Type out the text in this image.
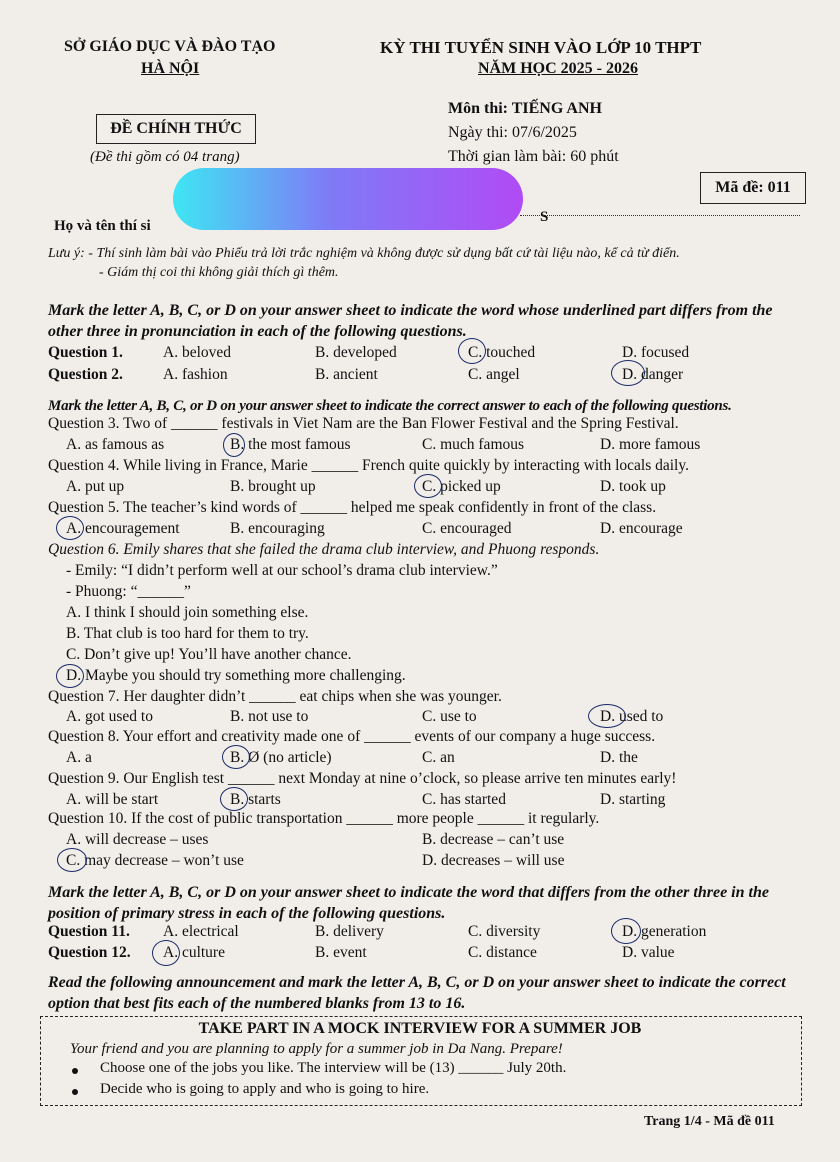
SỞ GIÁO DỤC VÀ ĐÀO TẠO
HÀ NỘI
KỲ THI TUYỂN SINH VÀO LỚP 10 THPT
NĂM HỌC 2025 - 2026
ĐỀ CHÍNH THỨC
(Đề thi gồm có 04 trang)
Môn thi: TIẾNG ANH
Ngày thi: 07/6/2025
Thời gian làm bài: 60 phút
Mã đề: 011
Họ và tên thí si
S
Lưu ý: - Thí sinh làm bài vào Phiếu trả lời trắc nghiệm và không được sử dụng bất cứ tài liệu nào, kể cả từ điển.
- Giám thị coi thi không giải thích gì thêm.
Mark the letter A, B, C, or D on your answer sheet to indicate the word whose underlined part differs from the other three in pronunciation in each of the following questions.
Question 1.	A. beloved	B. developed	C. touched	D. focused
Question 2.	A. fashion	B. ancient	C. angel	D. danger
Mark the letter A, B, C, or D on your answer sheet to indicate the correct answer to each of the following questions.
Question 3. Two of ______ festivals in Viet Nam are the Ban Flower Festival and the Spring Festival.
A. as famous as	B. the most famous	C. much famous	D. more famous
Question 4. While living in France, Marie ______ French quite quickly by interacting with locals daily.
A. put up	B. brought up	C. picked up	D. took up
Question 5. The teacher’s kind words of ______ helped me speak confidently in front of the class.
A. encouragement	B. encouraging	C. encouraged	D. encourage
Question 6. Emily shares that she failed the drama club interview, and Phuong responds.
- Emily: “I didn’t perform well at our school’s drama club interview.”
- Phuong: “______”
A. I think I should join something else.
B. That club is too hard for them to try.
C. Don’t give up! You’ll have another chance.
D. Maybe you should try something more challenging.
Question 7. Her daughter didn’t ______ eat chips when she was younger.
A. got used to	B. not use to	C. use to	D. used to
Question 8. Your effort and creativity made one of ______ events of our company a huge success.
A. a	B. Ø (no article)	C. an	D. the
Question 9. Our English test ______ next Monday at nine o’clock, so please arrive ten minutes early!
A. will be start	B. starts	C. has started	D. starting
Question 10. If the cost of public transportation ______ more people ______ it regularly.
A. will decrease – uses	B. decrease – can’t use
C. may decrease – won’t use	D. decreases – will use
Mark the letter A, B, C, or D on your answer sheet to indicate the word that differs from the other three in the position of primary stress in each of the following questions.
Question 11. A. electrical	B. delivery	C. diversity	D. generation
Question 12. A. culture	B. event	C. distance	D. value
Read the following announcement and mark the letter A, B, C, or D on your answer sheet to indicate the correct option that best fits each of the numbered blanks from 13 to 16.
TAKE PART IN A MOCK INTERVIEW FOR A SUMMER JOB
Your friend and you are planning to apply for a summer job in Da Nang. Prepare!
Choose one of the jobs you like. The interview will be (13) ______ July 20th.
Decide who is going to apply and who is going to hire.
Trang 1/4 - Mã đề 011
